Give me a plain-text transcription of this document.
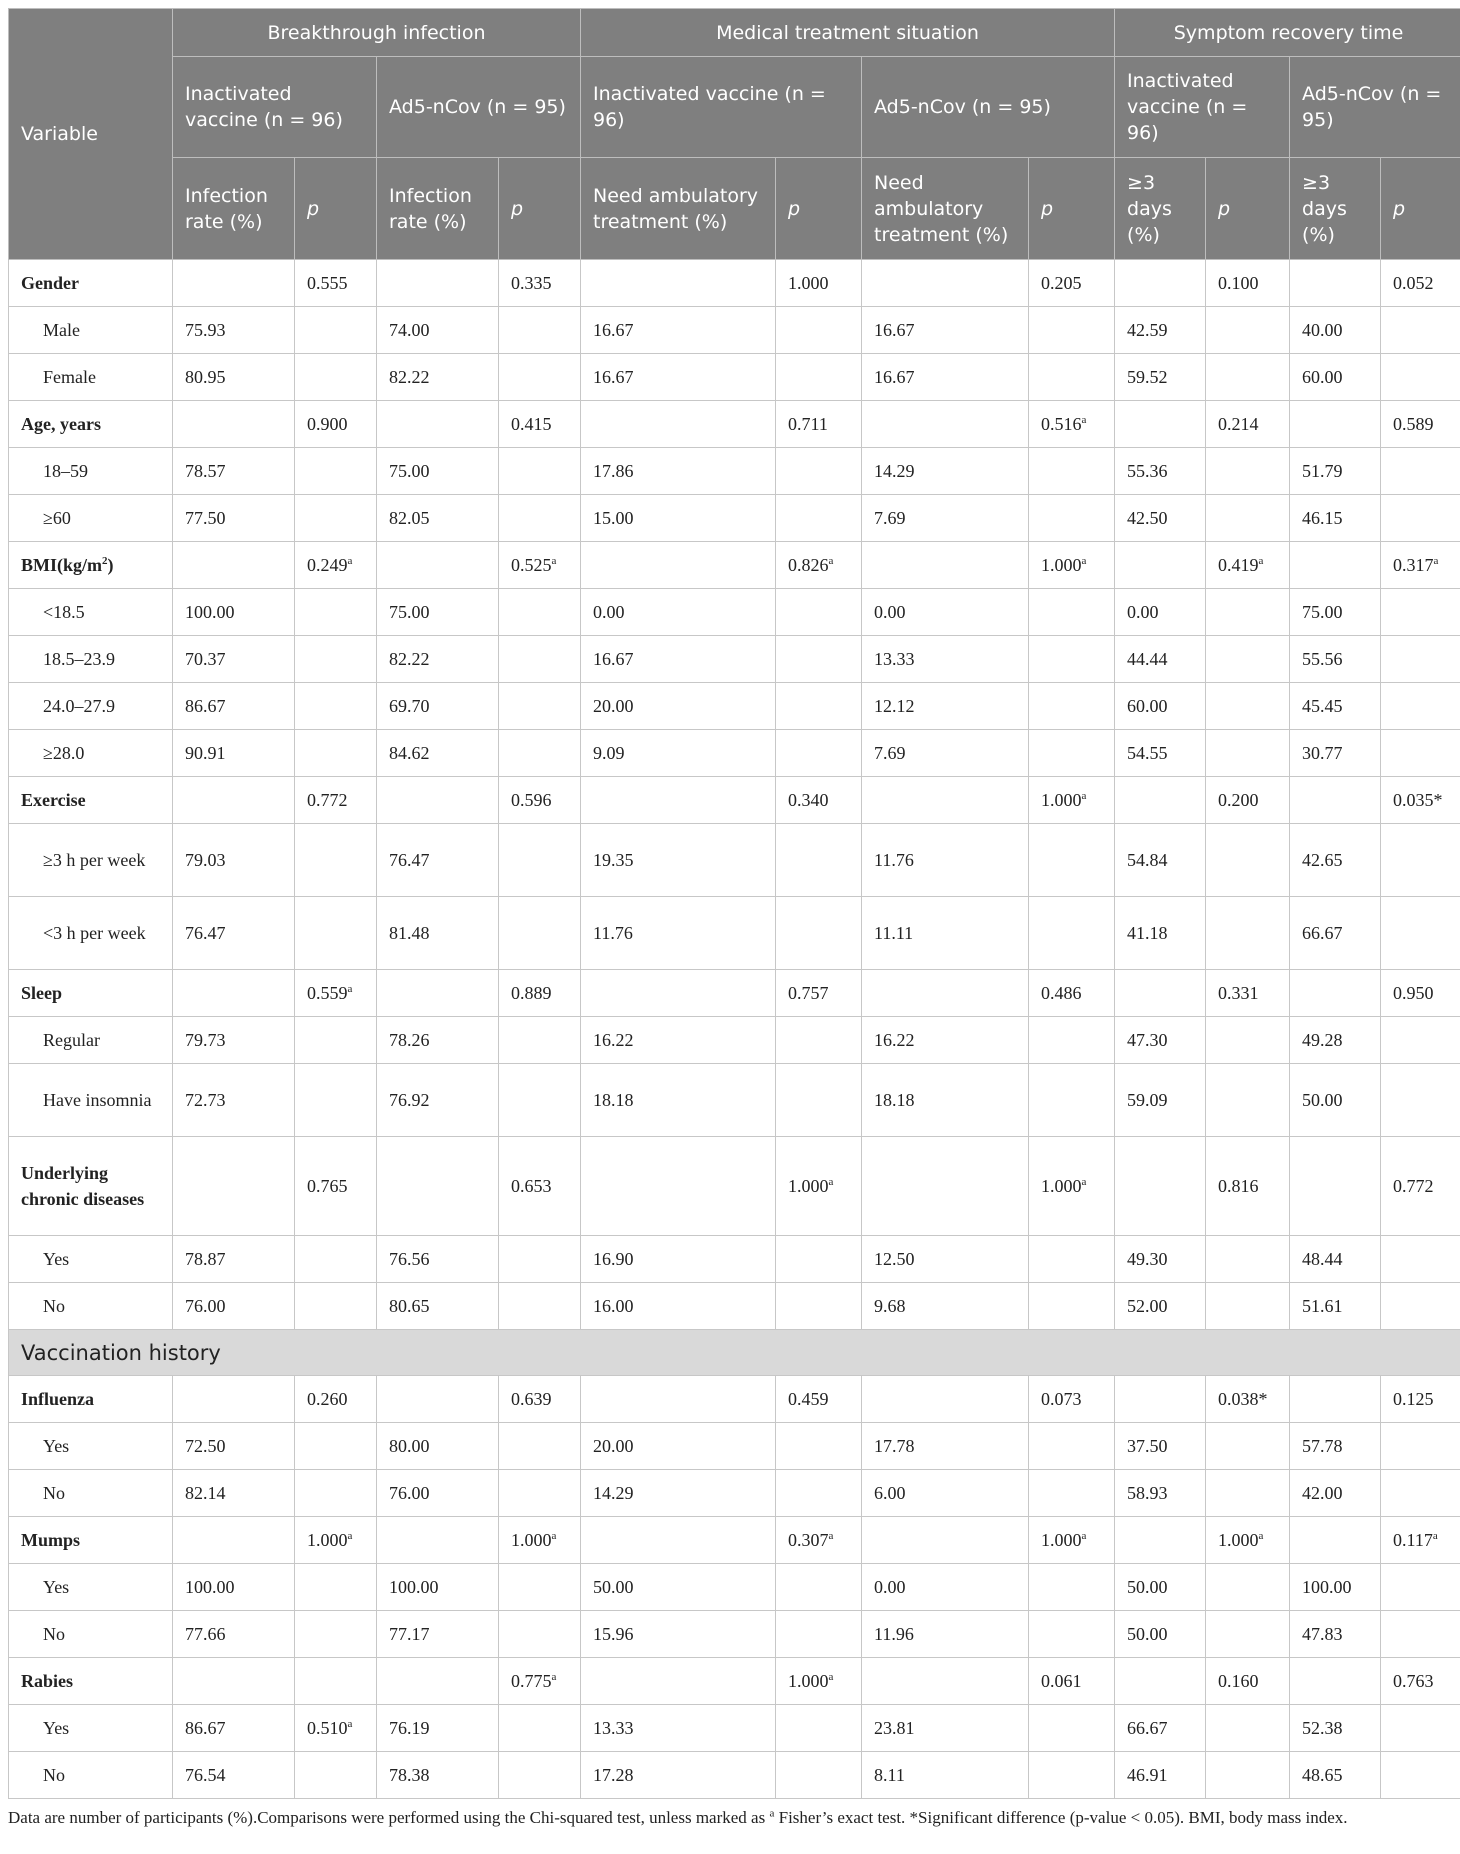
Variable	Breakthrough infection				Medical treatment situation				Symptom recovery time			
	Inactivated vaccine (n = 96)		Ad5-nCov (n = 95)		Inactivated vaccine (n = 96)		Ad5-nCov (n = 95)		Inactivated vaccine (n = 96)		Ad5-nCov (n = 95)	
	Infection rate (%)	p	Infection rate (%)	p	Need ambulatory treatment (%)	p	Need ambulatory treatment (%)	p	≥3 days (%)	p	≥3 days (%)	p
Gender		0.555		0.335		1.000		0.205		0.100		0.052
Male	75.93		74.00		16.67		16.67		42.59		40.00	
Female	80.95		82.22		16.67		16.67		59.52		60.00	
Age, years		0.900		0.415		0.711		0.516$^a$		0.214		0.589
18–59	78.57		75.00		17.86		14.29		55.36		51.79	
≥60	77.50		82.05		15.00		7.69		42.50		46.15	
$BMI(kg/m^2)$		0.249$^a$		0.525$^a$		0.826$^a$		1.000$^a$		0.419$^a$		0.317$^a$
<18.5	100.00		75.00		0.00		0.00		0.00		75.00	
18.5–23.9	70.37		82.22		16.67		13.33		44.44		55.56	
24.0–27.9	86.67		69.70		20.00		12.12		60.00		45.45	
≥28.0	90.91		84.62		9.09		7.69		54.55		30.77	
Exercise		0.772		0.596		0.340		1.000$^a$		0.200		0.035*
≥3 h per week	79.03		76.47		19.35		11.76		54.84		42.65	
<3 h per week	76.47		81.48		11.76		11.11		41.18		66.67	
Sleep		0.559$^a$		0.889		0.757		0.486		0.331		0.950
Regular	79.73		78.26		16.22		16.22		47.30		49.28	
Have insomnia	72.73		76.92		18.18		18.18		59.09		50.00	
Underlying chronic diseases		0.765		0.653		1.000$^a$		1.000$^a$		0.816		0.772
Yes	78.87		76.56		16.90		12.50		49.30		48.44	
No	76.00		80.65		16.00		9.68		52.00		51.61	
Vaccination history												
Influenza		0.260		0.639		0.459		0.073		0.038*		0.125
Yes	72.50		80.00		20.00		17.78		37.50		57.78	
No	82.14		76.00		14.29		6.00		58.93		42.00	
Mumps		1.000$^a$		1.000$^a$		0.307$^a$		1.000$^a$		1.000$^a$		0.117$^a$
Yes	100.00		100.00		50.00		0.00		50.00		100.00	
No	77.66		77.17		15.96		11.96		50.00		47.83	
Rabies				0.775$^a$		1.000$^a$		0.061		0.160		0.763
Yes	86.67	0.510$^a$	76.19		13.33		23.81		66.67		52.38	
No	76.54		78.38		17.28		8.11		46.91		48.65	
Data are number of participants (%).Comparisons were performed using the Chi-squared test, unless marked as $^a$ Fisher’s exact test. *Significant difference (p-value < 0.05). BMI, body mass index.
